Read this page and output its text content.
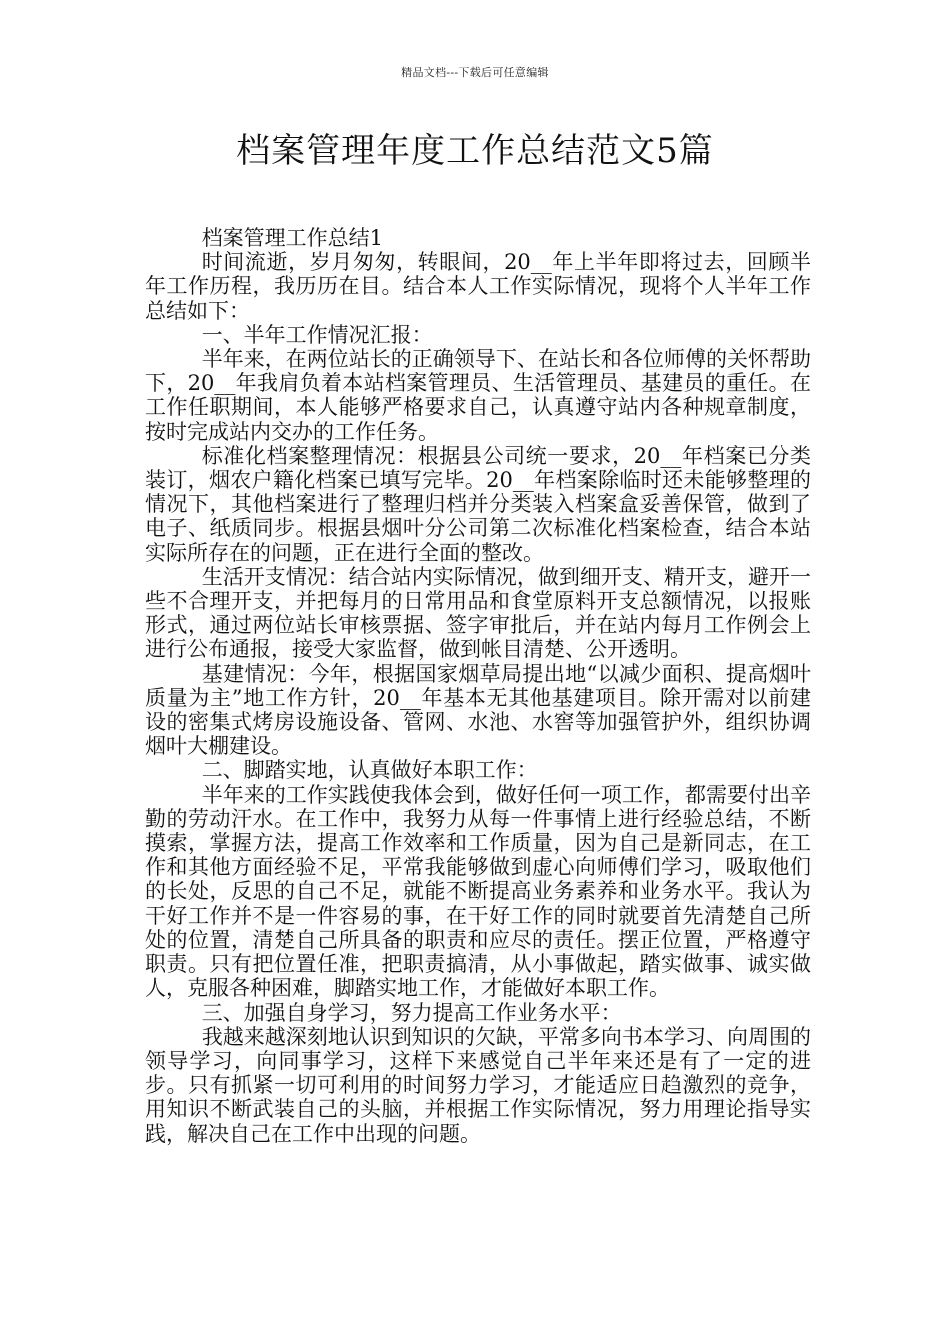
精品文档---下载后可任意编辑
档案管理年度工作总结范文5篇

档案管理工作总结1

时间流逝，岁月匆匆，转眼间，20__年上半年即将过去，回顾半年工作历程，我历历在目。结合本人工作实际情况，现将个人半年工作总结如下：

一、半年工作情况汇报：

半年来，在两位站长的正确领导下、在站长和各位师傅的关怀帮助下，20__年我肩负着本站档案管理员、生活管理员、基建员的重任。在工作任职期间，本人能够严格要求自己，认真遵守站内各种规章制度，按时完成站内交办的工作任务。

标准化档案整理情况：根据县公司统一要求，20__年档案已分类装订，烟农户籍化档案已填写完毕。20__年档案除临时还未能够整理的情况下，其他档案进行了整理归档并分类装入档案盒妥善保管，做到了电子、纸质同步。根据县烟叶分公司第二次标准化档案检查，结合本站实际所存在的问题，正在进行全面的整改。

生活开支情况：结合站内实际情况，做到细开支、精开支，避开一些不合理开支，并把每月的日常用品和食堂原料开支总额情况，以报账形式，通过两位站长审核票据、签字审批后，并在站内每月工作例会上进行公布通报，接受大家监督，做到帐目清楚、公开透明。

基建情况：今年，根据国家烟草局提出地“以减少面积、提高烟叶质量为主”地工作方针，20__年基本无其他基建项目。除开需对以前建设的密集式烤房设施设备、管网、水池、水窖等加强管护外，组织协调烟叶大棚建设。

二、脚踏实地，认真做好本职工作：

半年来的工作实践使我体会到，做好任何一项工作，都需要付出辛勤的劳动汗水。在工作中，我努力从每一件事情上进行经验总结，不断摸索，掌握方法，提高工作效率和工作质量，因为自己是新同志，在工作和其他方面经验不足，平常我能够做到虚心向师傅们学习，吸取他们的长处，反思的自己不足，就能不断提高业务素养和业务水平。我认为干好工作并不是一件容易的事，在干好工作的同时就要首先清楚自己所处的位置，清楚自己所具备的职责和应尽的责任。摆正位置，严格遵守职责。只有把位置任准，把职责搞清，从小事做起，踏实做事、诚实做人，克服各种困难，脚踏实地工作，才能做好本职工作。

三、加强自身学习，努力提高工作业务水平：

我越来越深刻地认识到知识的欠缺，平常多向书本学习、向周围的领导学习，向同事学习，这样下来感觉自己半年来还是有了一定的进步。只有抓紧一切可利用的时间努力学习，才能适应日趋激烈的竞争，用知识不断武装自己的头脑，并根据工作实际情况，努力用理论指导实践，解决自己在工作中出现的问题。
